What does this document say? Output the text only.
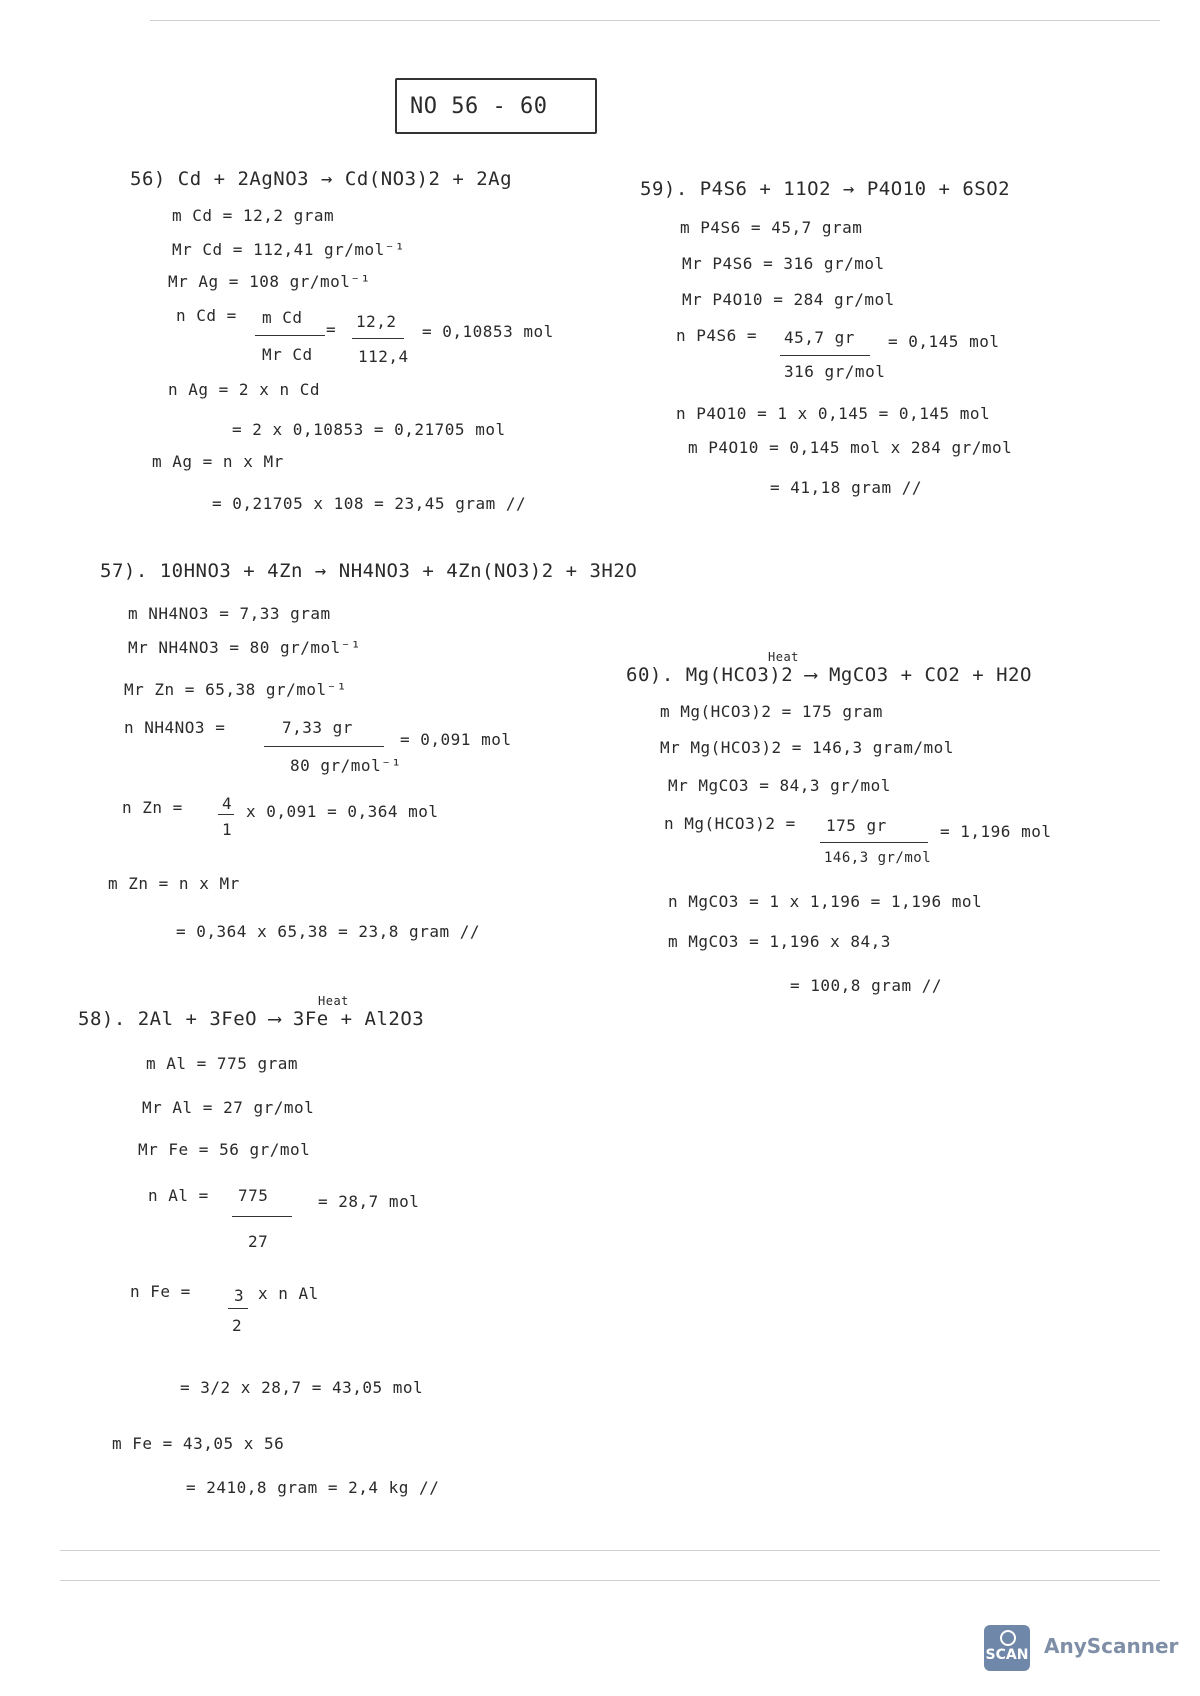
NO 56 - 60
56) Cd + 2AgNO3 → Cd(NO3)2 + 2Ag
m Cd = 12,2 gram
Mr Cd = 112,41 gr/mol⁻¹
Mr Ag = 108 gr/mol⁻¹
n Cd = m Cd
Mr Cd
= 12,2
112,4
= 0,10853 mol
n Ag = 2 x n Cd
= 2 x 0,10853 = 0,21705 mol
m Ag = n x Mr
= 0,21705 x 108 = 23,45 gram //
59). P4S6 + 11O2 → P4O10 + 6SO2
m P4S6 = 45,7 gram
Mr P4S6 = 316 gr/mol
Mr P4O10 = 284 gr/mol
n P4S6 = 45,7 gr
316 gr/mol
= 0,145 mol
n P4O10 = 1 x 0,145 = 0,145 mol
m P4O10 = 0,145 mol x 284 gr/mol
= 41,18 gram //
57). 10HNO3 + 4Zn → NH4NO3 + 4Zn(NO3)2 + 3H2O
m NH4NO3 = 7,33 gram
Mr NH4NO3 = 80 gr/mol⁻¹
Mr Zn = 65,38 gr/mol⁻¹
n NH4NO3 =	7,33 gr
80 gr/mol⁻¹
= 0,091 mol
n Zn = 4
1
x 0,091 = 0,364 mol
m Zn = n x Mr
= 0,364 x 65,38 = 23,8 gram //
Heat
60). Mg(HCO3)2 ⟶ MgCO3 + CO2 + H2O
m Mg(HCO3)2 = 175 gram
Mr Mg(HCO3)2 = 146,3 gram/mol
Mr MgCO3 = 84,3 gr/mol
n Mg(HCO3)2 = 175 gr
146,3 gr/mol
= 1,196 mol
n MgCO3 = 1 x 1,196 = 1,196 mol
m MgCO3 = 1,196 x 84,3
= 100,8 gram //
Heat
58). 2Al + 3FeO ⟶ 3Fe + Al2O3
m Al = 775 gram
Mr Al = 27 gr/mol
Mr Fe = 56 gr/mol
n Al = 775
27
= 28,7 mol
n Fe =	3
2
x n Al
= 3/2 x 28,7 = 43,05 mol
m Fe = 43,05 x 56
= 2410,8 gram = 2,4 kg //
SCAN AnyScanner
